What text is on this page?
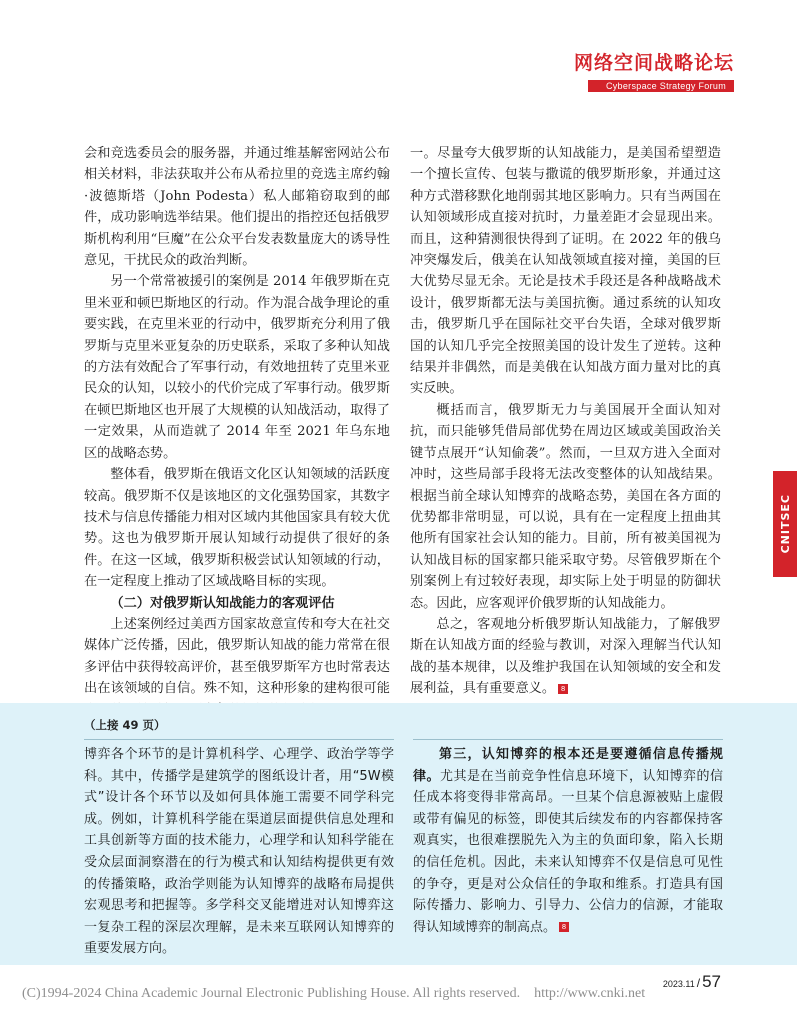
网络空间战略论坛
Cyberspace Strategy Forum

会和竞选委员会的服务器，并通过维基解密网站公布相关材料，非法获取并公布从希拉里的竞选主席约翰·波德斯塔（John Podesta）私人邮箱窃取到的邮件，成功影响选举结果。他们提出的指控还包括俄罗斯机构利用“巨魔”在公众平台发表数量庞大的诱导性意见，干扰民众的政治判断。

另一个常常被援引的案例是 2014 年俄罗斯在克里米亚和顿巴斯地区的行动。作为混合战争理论的重要实践，在克里米亚的行动中，俄罗斯充分利用了俄罗斯与克里米亚复杂的历史联系，采取了多种认知战的方法有效配合了军事行动，有效地扭转了克里米亚民众的认知，以较小的代价完成了军事行动。俄罗斯在顿巴斯地区也开展了大规模的认知战活动，取得了一定效果，从而造就了 2014 年至 2021 年乌东地区的战略态势。

整体看，俄罗斯在俄语文化区认知领域的活跃度较高。俄罗斯不仅是该地区的文化强势国家，其数字技术与信息传播能力相对区域内其他国家具有较大优势。这也为俄罗斯开展认知域行动提供了很好的条件。在这一区域，俄罗斯积极尝试认知领域的行动，在一定程度上推动了区域战略目标的实现。

（二）对俄罗斯认知战能力的客观评估

上述案例经过美西方国家故意宣传和夸大在社交媒体广泛传播，因此，俄罗斯认知战的能力常常在很多评估中获得较高评价，甚至俄罗斯军方也时常表达出在该领域的自信。殊不知，这种形象的建构很可能

一。尽量夸大俄罗斯的认知战能力，是美国希望塑造一个擅长宣传、包装与撒谎的俄罗斯形象，并通过这种方式潜移默化地削弱其地区影响力。只有当两国在认知领域形成直接对抗时，力量差距才会显现出来。而且，这种猜测很快得到了证明。在 2022 年的俄乌冲突爆发后，俄美在认知战领域直接对撞，美国的巨大优势尽显无余。无论是技术手段还是各种战略战术设计，俄罗斯都无法与美国抗衡。通过系统的认知攻击，俄罗斯几乎在国际社交平台失语，全球对俄罗斯国的认知几乎完全按照美国的设计发生了逆转。这种结果并非偶然，而是美俄在认知战方面力量对比的真实反映。

概括而言，俄罗斯无力与美国展开全面认知对抗，而只能够凭借局部优势在周边区域或美国政治关键节点展开“认知偷袭”。然而，一旦双方进入全面对冲时，这些局部手段将无法改变整体的认知战结果。根据当前全球认知博弈的战略态势，美国在各方面的优势都非常明显，可以说，具有在一定程度上扭曲其他所有国家社会认知的能力。目前，所有被美国视为认知战目标的国家都只能采取守势。尽管俄罗斯在个别案例上有过较好表现，却实际上处于明显的防御状态。因此，应客观评价俄罗斯的认知战能力。

总之，客观地分析俄罗斯认知战能力，了解俄罗斯在认知战方面的经验与教训，对深入理解当代认知战的基本规律，以及维护我国在认知领域的安全和发展利益，具有重要意义。 8

CNITSEC
（上接 49 页）

博弈各个环节的是计算机科学、心理学、政治学等学科。其中，传播学是建筑学的图纸设计者，用“5W模式”设计各个环节以及如何具体施工需要不同学科完成。例如，计算机科学能在渠道层面提供信息处理和工具创新等方面的技术能力，心理学和认知科学能在受众层面洞察潜在的行为模式和认知结构提供更有效的传播策略，政治学则能为认知博弈的战略布局提供宏观思考和把握等。多学科交叉能增进对认知博弈这一复杂工程的深层次理解，是未来互联网认知博弈的重要发展方向。

第三，认知博弈的根本还是要遵循信息传播规律。尤其是在当前竞争性信息环境下，认知博弈的信任成本将变得非常高昂。一旦某个信息源被贴上虚假或带有偏见的标签，即使其后续发布的内容都保持客观真实，也很难摆脱先入为主的负面印象，陷入长期的信任危机。因此，未来认知博弈不仅是信息可见性的争夺，更是对公众信任的争取和维系。打造具有国际传播力、影响力、引导力、公信力的信源，才能取得认知域博弈的制高点。 8

2023.11 / 57
(C)1994-2024 China Academic Journal Electronic Publishing House. All rights reserved. http://www.cnki.net
